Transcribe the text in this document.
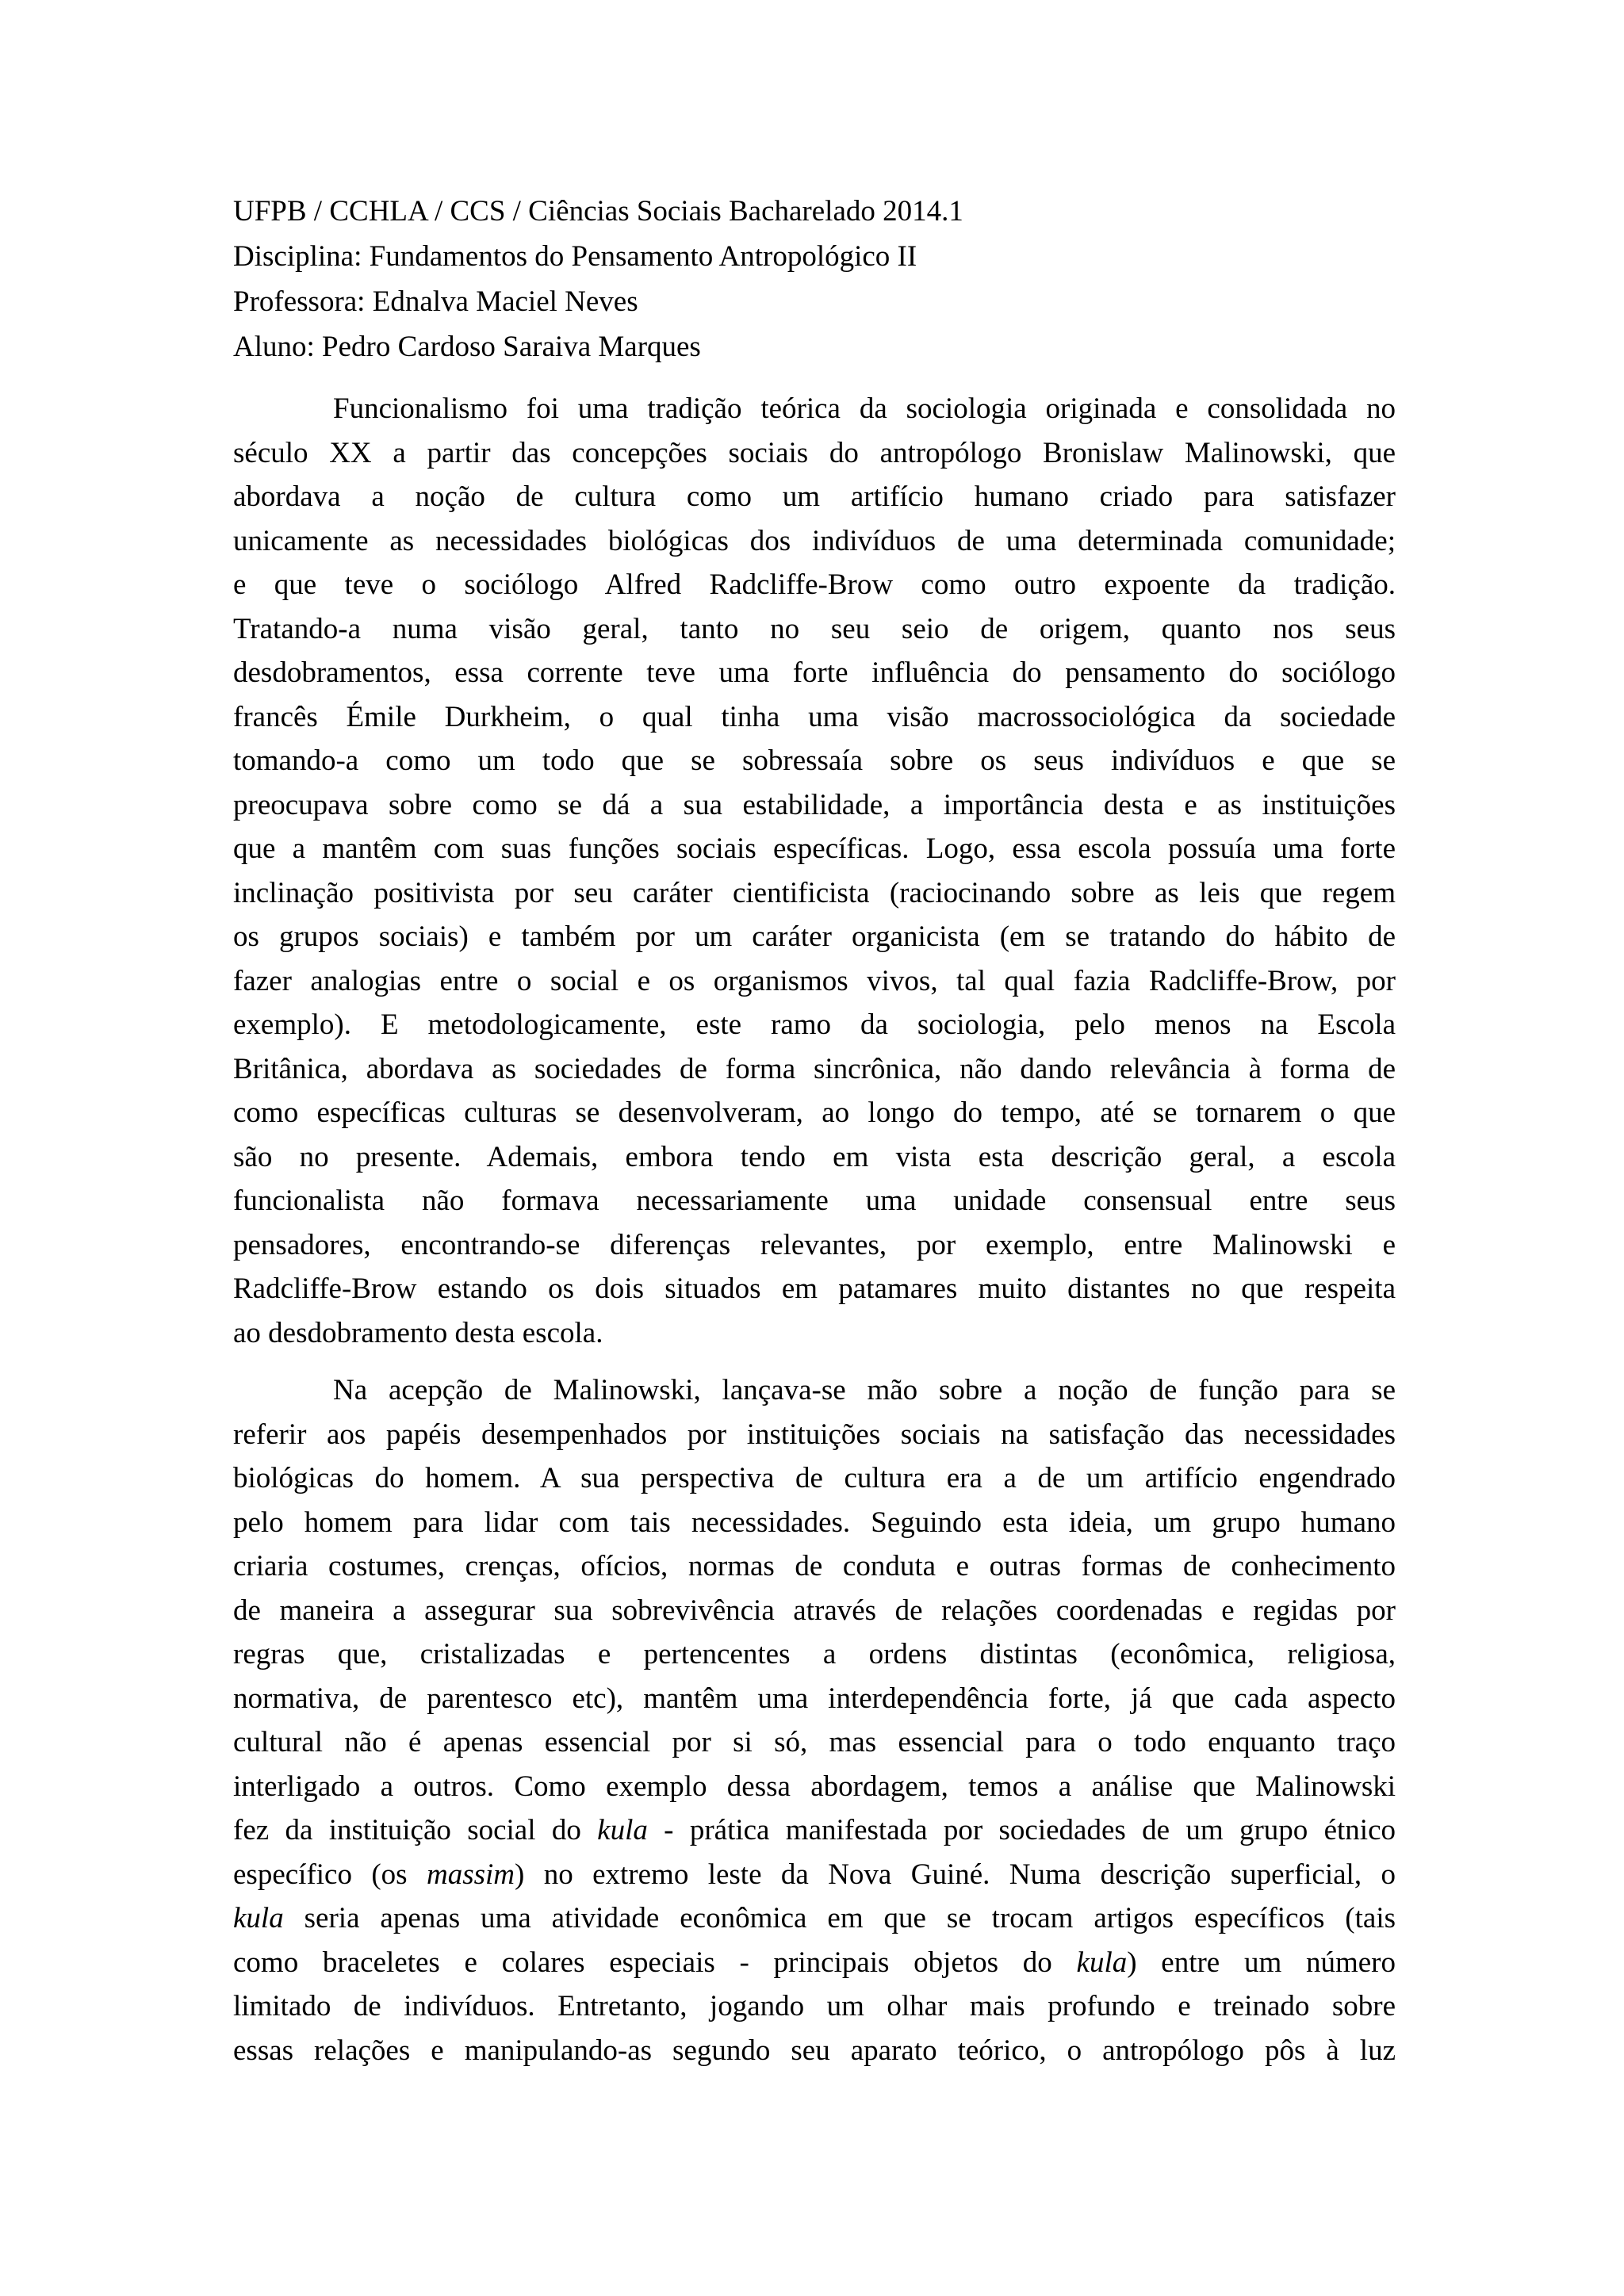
UFPB / CCHLA / CCS / Ciências Sociais Bacharelado 2014.1
Disciplina: Fundamentos do Pensamento Antropológico II
Professora: Ednalva Maciel Neves
Aluno: Pedro Cardoso Saraiva Marques
Funcionalismo foi uma tradição teórica da sociologia originada e consolidada no
século XX a partir das concepções sociais do antropólogo Bronislaw Malinowski, que
abordava a noção de cultura como um artifício humano criado para satisfazer
unicamente as necessidades biológicas dos indivíduos de uma determinada comunidade;
e que teve o sociólogo Alfred Radcliffe-Brow como outro expoente da tradição.
Tratando-a numa visão geral, tanto no seu seio de origem, quanto nos seus
desdobramentos, essa corrente teve uma forte influência do pensamento do sociólogo
francês Émile Durkheim, o qual tinha uma visão macrossociológica da sociedade
tomando-a como um todo que se sobressaía sobre os seus indivíduos e que se
preocupava sobre como se dá a sua estabilidade, a importância desta e as instituições
que a mantêm com suas funções sociais específicas. Logo, essa escola possuía uma forte
inclinação positivista por seu caráter cientificista (raciocinando sobre as leis que regem
os grupos sociais) e também por um caráter organicista (em se tratando do hábito de
fazer analogias entre o social e os organismos vivos, tal qual fazia Radcliffe-Brow, por
exemplo). E metodologicamente, este ramo da sociologia, pelo menos na Escola
Britânica, abordava as sociedades de forma sincrônica, não dando relevância à forma de
como específicas culturas se desenvolveram, ao longo do tempo, até se tornarem o que
são no presente. Ademais, embora tendo em vista esta descrição geral, a escola
funcionalista não formava necessariamente uma unidade consensual entre seus
pensadores, encontrando-se diferenças relevantes, por exemplo, entre Malinowski e
Radcliffe-Brow estando os dois situados em patamares muito distantes no que respeita
ao desdobramento desta escola.
Na acepção de Malinowski, lançava-se mão sobre a noção de função para se
referir aos papéis desempenhados por instituições sociais na satisfação das necessidades
biológicas do homem. A sua perspectiva de cultura era a de um artifício engendrado
pelo homem para lidar com tais necessidades. Seguindo esta ideia, um grupo humano
criaria costumes, crenças, ofícios, normas de conduta e outras formas de conhecimento
de maneira a assegurar sua sobrevivência através de relações coordenadas e regidas por
regras que, cristalizadas e pertencentes a ordens distintas (econômica, religiosa,
normativa, de parentesco etc), mantêm uma interdependência forte, já que cada aspecto
cultural não é apenas essencial por si só, mas essencial para o todo enquanto traço
interligado a outros. Como exemplo dessa abordagem, temos a análise que Malinowski
fez da instituição social do kula - prática manifestada por sociedades de um grupo étnico
específico (os massim) no extremo leste da Nova Guiné. Numa descrição superficial, o
kula seria apenas uma atividade econômica em que se trocam artigos específicos (tais
como braceletes e colares especiais - principais objetos do kula) entre um número
limitado de indivíduos. Entretanto, jogando um olhar mais profundo e treinado sobre
essas relações e manipulando-as segundo seu aparato teórico, o antropólogo pôs à luz
